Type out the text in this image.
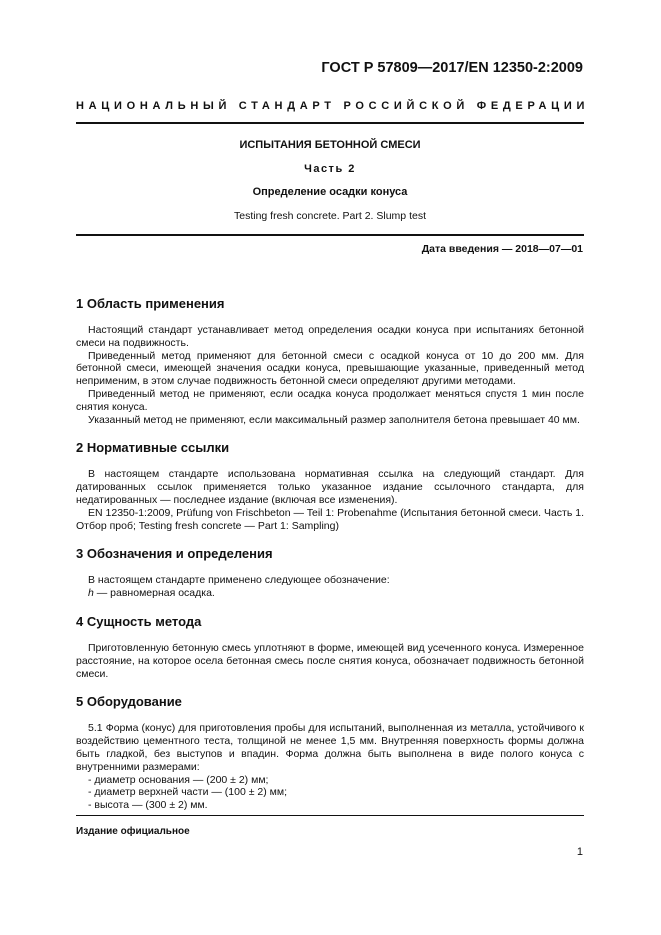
ГОСТ Р 57809—2017/EN 12350-2:2009
НАЦИОНАЛЬНЫЙ СТАНДАРТ РОССИЙСКОЙ ФЕДЕРАЦИИ
ИСПЫТАНИЯ БЕТОННОЙ СМЕСИ
Часть 2
Определение осадки конуса
Testing fresh concrete. Part 2. Slump test
Дата введения — 2018—07—01
1 Область применения

Настоящий стандарт устанавливает метод определения осадки конуса при испытаниях бетонной смеси на подвижность.

Приведенный метод применяют для бетонной смеси с осадкой конуса от 10 до 200 мм. Для бетонной смеси, имеющей значения осадки конуса, превышающие указанные, приведенный метод неприменим, в этом случае подвижность бетонной смеси определяют другими методами.

Приведенный метод не применяют, если осадка конуса продолжает меняться спустя 1 мин после снятия конуса.

Указанный метод не применяют, если максимальный размер заполнителя бетона превышает 40 мм.

2 Нормативные ссылки

В настоящем стандарте использована нормативная ссылка на следующий стандарт. Для датированных ссылок применяется только указанное издание ссылочного стандарта, для недатированных — последнее издание (включая все изменения).

EN 12350-1:2009, Prüfung von Frischbeton — Teil 1: Probenahme (Испытания бетонной смеси. Часть 1. Отбор проб; Testing fresh concrete — Part 1: Sampling)

3 Обозначения и определения

В настоящем стандарте применено следующее обозначение:

h — равномерная осадка.

4 Сущность метода

Приготовленную бетонную смесь уплотняют в форме, имеющей вид усеченного конуса. Измеренное расстояние, на которое осела бетонная смесь после снятия конуса, обозначает подвижность бетонной смеси.

5 Оборудование

5.1 Форма (конус) для приготовления пробы для испытаний, выполненная из металла, устойчивого к воздействию цементного теста, толщиной не менее 1,5 мм. Внутренняя поверхность формы должна быть гладкой, без выступов и впадин. Форма должна быть выполнена в виде полого конуса с внутренними размерами:

- диаметр основания — (200 ± 2) мм;

- диаметр верхней части — (100 ± 2) мм;

- высота — (300 ± 2) мм.

Издание официальное
1
